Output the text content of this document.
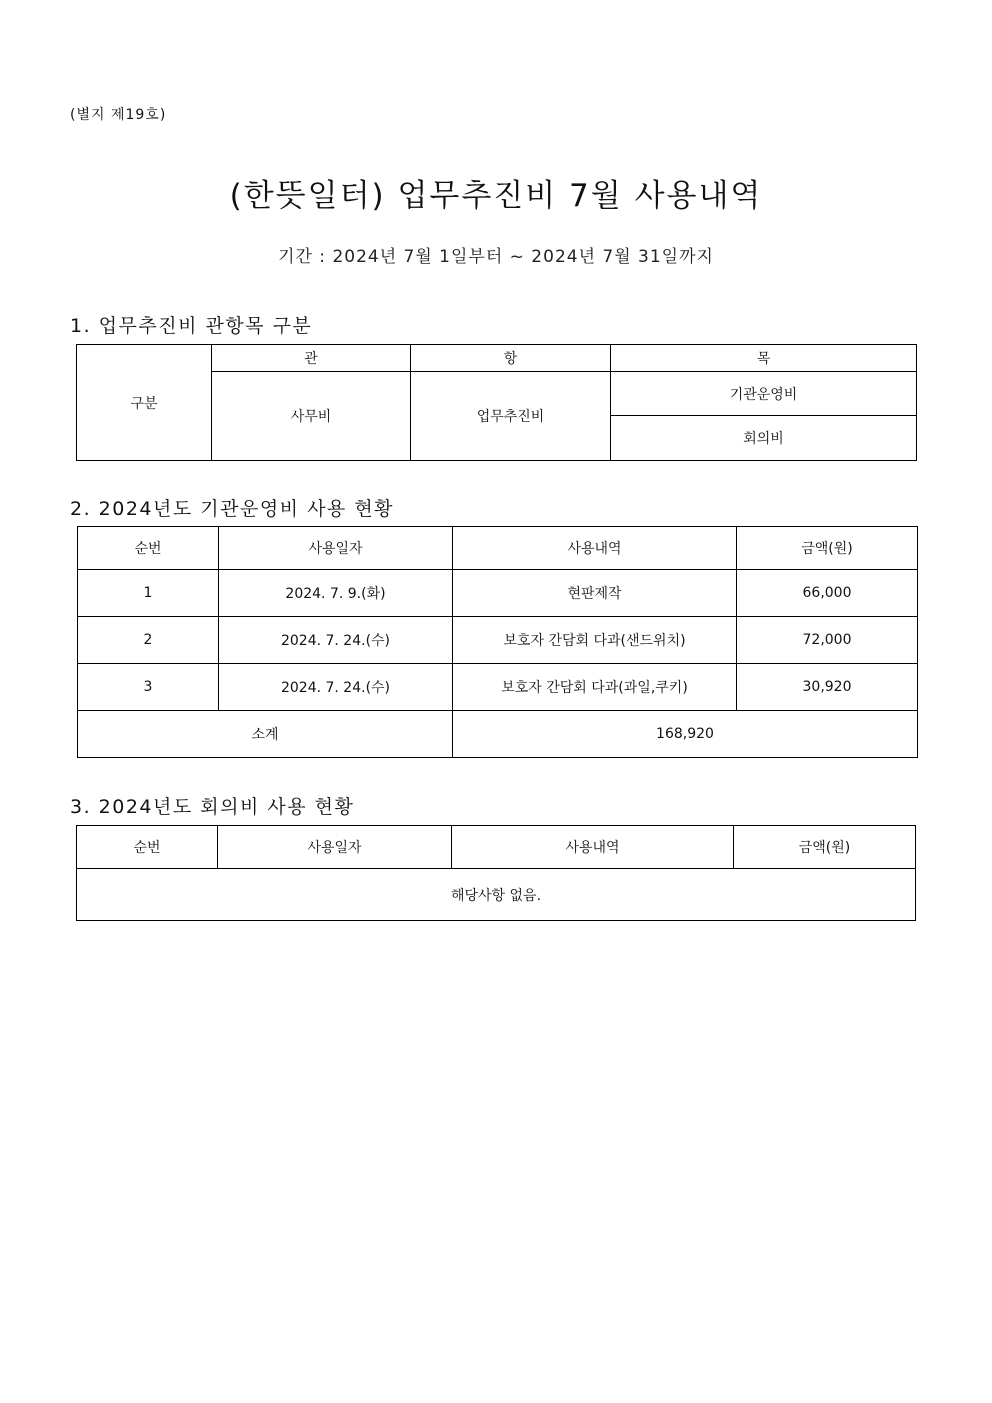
(별지 제19호)
(한뜻일터) 업무추진비 7월 사용내역
기간 : 2024년 7월 1일부터 ~ 2024년 7월 31일까지
1. 업무추진비 관항목 구분
구분	관	항	목
	사무비	업무추진비	기관운영비
			회의비
2. 2024년도 기관운영비 사용 현황
순번	사용일자	사용내역	금액(원)
1	2024. 7. 9.(화)	현판제작	66,000
2	2024. 7. 24.(수)	보호자 간담회 다과(샌드위치)	72,000
3	2024. 7. 24.(수)	보호자 간담회 다과(과일,쿠키)	30,920
소계		168,920	
3. 2024년도 회의비 사용 현황
순번	사용일자	사용내역	금액(원)
해당사항 없음.
